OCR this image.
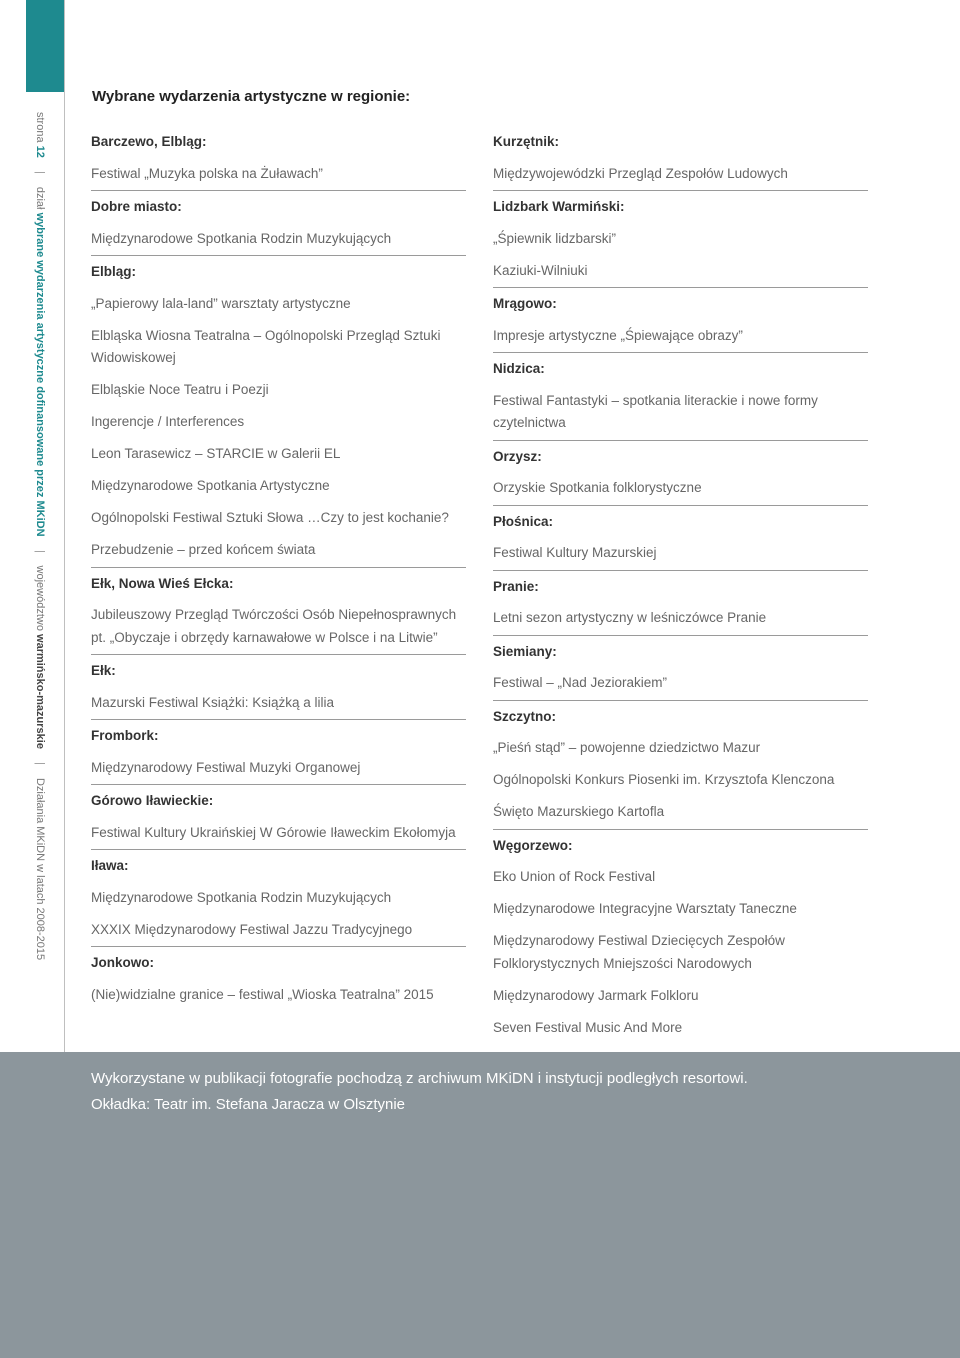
strona 12 | dział wybrane wydarzenia artystyczne dofinansowane przez MKiDN | województwo warmińsko-mazurskie | Działania MKiDN w latach 2008-2015
Wybrane wydarzenia artystyczne w regionie:
Barczewo, Elbląg:
Festiwal „Muzyka polska na Żuławach”
Dobre miasto:
Międzynarodowe Spotkania Rodzin Muzykujących
Elbląg:
„Papierowy lala-land” warsztaty artystyczne
Elbląska Wiosna Teatralna – Ogólnopolski Przegląd Sztuki Widowiskowej
Elbląskie Noce Teatru i Poezji
Ingerencje / Interferences
Leon Tarasewicz – STARCIE w Galerii EL
Międzynarodowe Spotkania Artystyczne
Ogólnopolski Festiwal Sztuki Słowa …Czy to jest kochanie?
Przebudzenie – przed końcem świata
Ełk, Nowa Wieś Ełcka:
Jubileuszowy Przegląd Twórczości Osób Niepełnosprawnych pt. „Obyczaje i obrzędy karnawałowe w Polsce i na Litwie”
Ełk:
Mazurski Festiwal Książki: Książką a lilia
Frombork:
Międzynarodowy Festiwal Muzyki Organowej
Górowo Iławieckie:
Festiwal Kultury Ukraińskiej W Górowie Iławeckim Ekołomyja
Iława:
Międzynarodowe Spotkania Rodzin Muzykujących
XXXIX Międzynarodowy Festiwal Jazzu Tradycyjnego
Jonkowo:
(Nie)widzialne granice – festiwal „Wioska Teatralna” 2015
Kurzętnik:
Międzywojewódzki Przegląd Zespołów Ludowych
Lidzbark Warmiński:
„Śpiewnik lidzbarski”
Kaziuki-Wilniuki
Mrągowo:
Impresje artystyczne „Śpiewające obrazy”
Nidzica:
Festiwal Fantastyki – spotkania literackie i nowe formy czytelnictwa
Orzysz:
Orzyskie Spotkania folklorystyczne
Płośnica:
Festiwal Kultury Mazurskiej
Pranie:
Letni sezon artystyczny w leśniczówce Pranie
Siemiany:
Festiwal – „Nad Jeziorakiem”
Szczytno:
„Pieśń stąd” – powojenne dziedzictwo Mazur
Ogólnopolski Konkurs Piosenki im. Krzysztofa Klenczona
Święto Mazurskiego Kartofla
Węgorzewo:
Eko Union of Rock Festival
Międzynarodowe Integracyjne Warsztaty Taneczne
Międzynarodowy Festiwal Dziecięcych Zespołów Folklorystycznych Mniejszości Narodowych
Międzynarodowy Jarmark Folkloru
Seven Festival Music And More

Wykorzystane w publikacji fotografie pochodzą z archiwum MKiDN i instytucji podległych resortowi.

Okładka: Teatr im. Stefana Jaracza w Olsztynie
